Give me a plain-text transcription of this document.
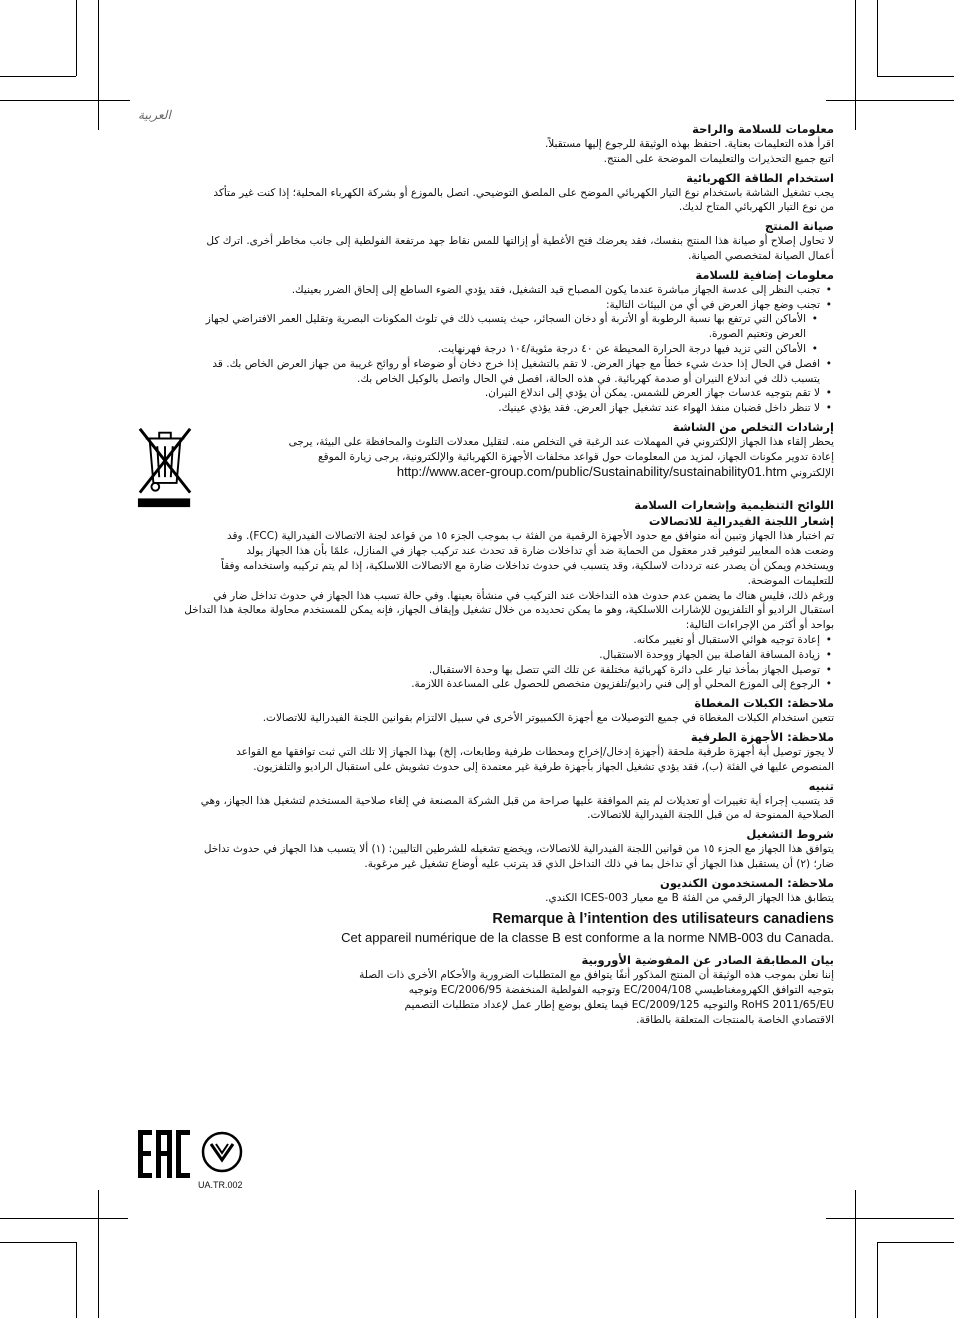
العربية
معلومات للسلامة والراحة
اقرأ هذه التعليمات بعناية. احتفظ بهذه الوثيقة للرجوع إليها مستقبلاً.
اتبع جميع التحذيرات والتعليمات الموضحة على المنتج.
استخدام الطاقة الكهربائية
يجب تشغيل الشاشة باستخدام نوع التيار الكهربائي الموضح على الملصق التوضيحي. اتصل بالموزع أو بشركة الكهرباء المحلية؛ إذا كنت غير متأكد
من نوع التيار الكهربائي المتاح لديك.
صيانة المنتج
لا تحاول إصلاح أو صيانة هذا المنتج بنفسك، فقد يعرضك فتح الأغطية أو إزالتها للمس نقاط جهد مرتفعة الفولطية إلى جانب مخاطر أخرى. اترك كل
أعمال الصيانة لمتخصصي الصيانة.
معلومات إضافية للسلامة
• تجنب النظر إلى عدسة الجهاز مباشرة عندما يكون المصباح قيد التشغيل، فقد يؤدي الضوء الساطع إلى إلحاق الضرر بعينيك.
• تجنب وضع جهاز العرض في أي من البيئات التالية:
• الأماكن التي ترتفع بها نسبة الرطوبة أو الأتربة أو دخان السجائر، حيث يتسبب ذلك في تلوث المكونات البصرية وتقليل العمر الافتراضي لجهاز
العرض وتعتيم الصورة.
• الأماكن التي تزيد فيها درجة الحرارة المحيطة عن ٤٠ درجة مئوية/١٠٤ درجة فهرنهايت.
• افصل في الحال إذا حدث شيء خطأ مع جهاز العرض. لا تقم بالتشغيل إذا خرج دخان أو ضوضاء أو روائح غريبة من جهاز العرض الخاص بك. قد
يتسبب ذلك في اندلاع النيران أو صدمة كهربائية. في هذه الحالة، افصل في الحال واتصل بالوكيل الخاص بك.
• لا تقم بتوجيه عدسات جهاز العرض للشمس. يمكن أن يؤدي إلى اندلاع النيران.
• لا تنظر داخل قضبان منفذ الهواء عند تشغيل جهاز العرض. فقد يؤذي عينيك.
إرشادات التخلص من الشاشة
يحظر إلقاء هذا الجهاز الإلكتروني في المهملات عند الرغبة في التخلص منه. لتقليل معدلات التلوث والمحافظة على البيئة، يرجى
إعادة تدوير مكونات الجهاز، لمزيد من المعلومات حول قواعد مخلفات الأجهزة الكهربائية والإلكترونية، يرجى زيارة الموقع
الإلكتروني http://www.acer-group.com/public/Sustainability/sustainability01.htm
اللوائح التنظيمية وإشعارات السلامة
إشعار اللجنة الفيدرالية للاتصالات
تم اختبار هذا الجهاز وتبين أنه متوافق مع حدود الأجهزة الرقمية من الفئة ب بموجب الجزء ١٥ من قواعد لجنة الاتصالات الفيدرالية (FCC). وقد
وضعت هذه المعايير لتوفير قدر معقول من الحماية ضد أي تداخلات ضارة قد تحدث عند تركيب جهاز في المنازل، علمًا بأن هذا الجهاز يولد
ويستخدم ويمكن أن يصدر عنه ترددات لاسلكية، وقد يتسبب في حدوث تداخلات ضارة مع الاتصالات اللاسلكية، إذا لم يتم تركيبه واستخدامه وفقاً
للتعليمات الموضحة.
ورغم ذلك، فليس هناك ما يضمن عدم حدوث هذه التداخلات عند التركيب في منشأة بعينها. وفي حالة تسبب هذا الجهاز في حدوث تداخل ضار في
استقبال الراديو أو التلفزيون للإشارات اللاسلكية، وهو ما يمكن تحديده من خلال تشغيل وإيقاف الجهاز، فإنه يمكن للمستخدم محاولة معالجة هذا التداخل
بواحد أو أكثر من الإجراءات التالية:
• إعادة توجيه هوائي الاستقبال أو تغيير مكانه.
• زيادة المسافة الفاصلة بين الجهاز ووحدة الاستقبال.
• توصيل الجهاز بمأخذ تيار على دائرة كهربائية مختلفة عن تلك التي تتصل بها وحدة الاستقبال.
• الرجوع إلى الموزع المحلي أو إلى فني راديو/تلفزيون متخصص للحصول على المساعدة اللازمة.
ملاحظة: الكبلات المغطاة
تتعين استخدام الكبلات المغطاة في جميع التوصيلات مع أجهزة الكمبيوتر الأخرى في سبيل الالتزام بقوانين اللجنة الفيدرالية للاتصالات.
ملاحظة: الأجهزة الطرفية
لا يجوز توصيل أية أجهزة طرفية ملحقة (أجهزة إدخال/إخراج ومحطات طرفية وطابعات، إلخ) بهذا الجهاز إلا تلك التي ثبت توافقها مع القواعد
المنصوص عليها في الفئة (ب)، فقد يؤدي تشغيل الجهاز بأجهزة طرفية غير معتمدة إلى حدوث تشويش على استقبال الراديو والتلفزيون.
تنبيه
قد يتسبب إجراء أية تغييرات أو تعديلات لم يتم الموافقة عليها صراحة من قبل الشركة المصنعة في إلغاء صلاحية المستخدم لتشغيل هذا الجهاز، وهي
الصلاحية الممنوحة له من قبل اللجنة الفيدرالية للاتصالات.
شروط التشغيل
يتوافق هذا الجهاز مع الجزء ١٥ من قوانين اللجنة الفيدرالية للاتصالات، ويخضع تشغيله للشرطين التاليين: (١) ألا يتسبب هذا الجهاز في حدوث تداخل
ضار؛ (٢) أن يستقبل هذا الجهاز أي تداخل بما في ذلك التداخل الذي قد يترتب عليه أوضاع تشغيل غير مرغوبة.
ملاحظة: المستخدمون الكنديون
يتطابق هذا الجهاز الرقمي من الفئة B مع معيار ICES-003 الكندي.
Remarque à l’intention des utilisateurs canadiens
Cet appareil numérique de la classe B est conforme a la norme NMB-003 du Canada.
بيان المطابقة الصادر عن المفوضية الأوروبية
إننا نعلن بموجب هذه الوثيقة أن المنتج المذكور أنفًا يتوافق مع المتطلبات الضرورية والأحكام الأخرى ذات الصلة
بتوجيه التوافق الكهرومغناطيسي 2004/108/EC وتوجيه الفولطية المنخفضة 2006/95/EC وتوجيه
RoHS 2011/65/EU والتوجيه 2009/125/EC فيما يتعلق بوضع إطار عمل لإعداد متطلبات التصميم
الاقتصادي الخاصة بالمنتجات المتعلقة بالطاقة.
UA.TR.002
